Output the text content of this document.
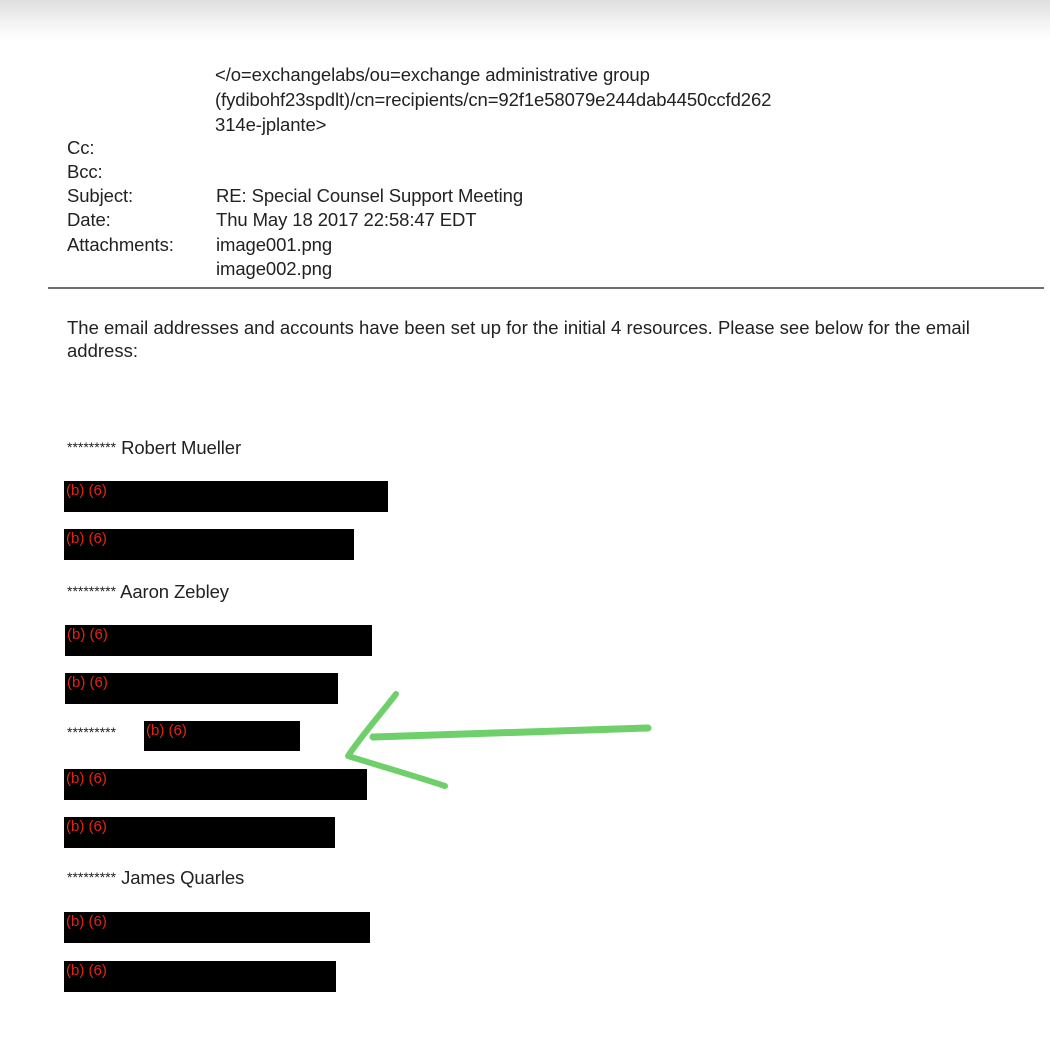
</o=exchangelabs/ou=exchange administrative group
(fydibohf23spdlt)/cn=recipients/cn=92f1e58079e244dab4450ccfd262
314e-jplante>
Cc:
Bcc:
Subject:	RE: Special Counsel Support Meeting
Date:	Thu May 18 2017 22:58:47 EDT
Attachments: image001.png
image002.png
The email addresses and accounts have been set up for the initial 4 resources. Please see below for the email address:
********* Robert Mueller
(b) (6)
(b) (6)
********* Aaron Zebley
(b) (6)
(b) (6)
********* (b) (6)
(b) (6)
(b) (6)
********* James Quarles
(b) (6)
(b) (6)
